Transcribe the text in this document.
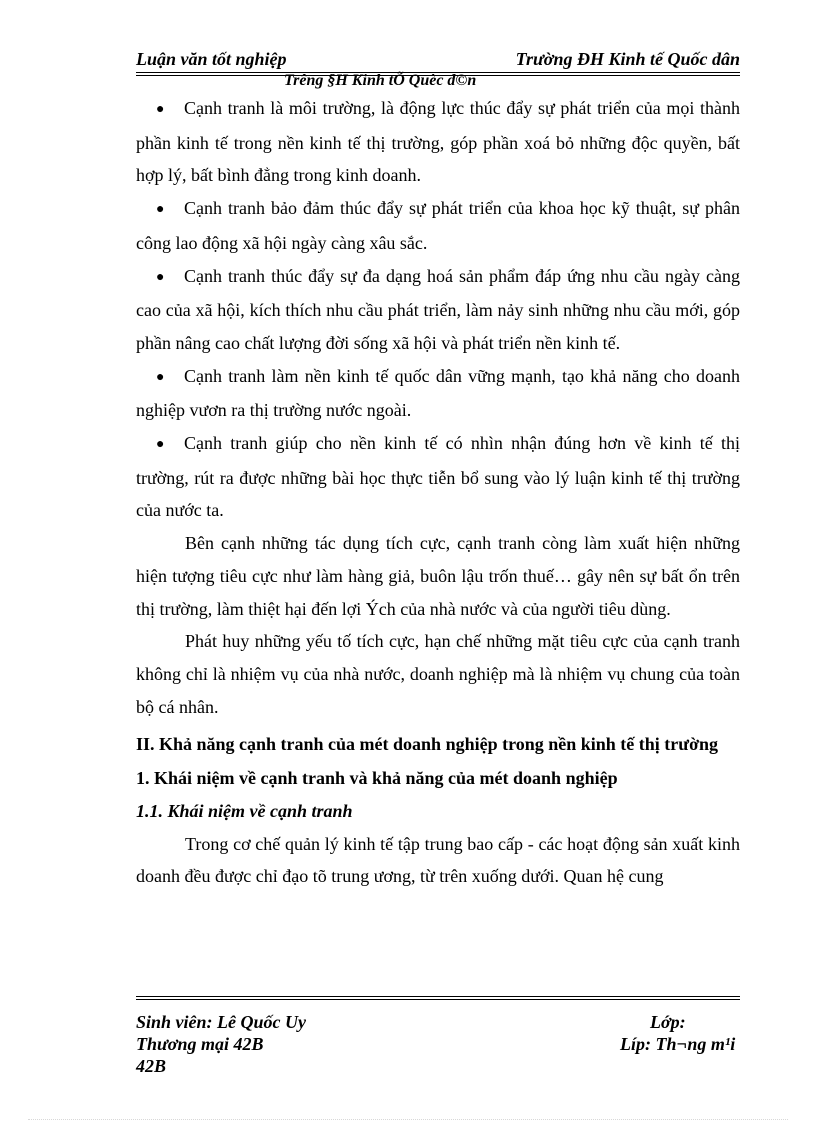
Luận văn tốt nghiệp	Trường ĐH Kinh tế Quốc dân
Trêng §H Kinh tÕ Quèc d©n

● Cạnh tranh là môi trường, là động lực thúc đẩy sự phát triển của mọi thành phần kinh tế trong nền kinh tế thị trường, góp phần xoá bỏ những độc quyền, bất hợp lý, bất bình đẳng trong kinh doanh.

● Cạnh tranh bảo đảm thúc đẩy sự phát triển của khoa học kỹ thuật, sự phân công lao động xã hội ngày càng xâu sắc.

● Cạnh tranh thúc đẩy sự đa dạng hoá sản phẩm đáp ứng nhu cầu ngày càng cao của xã hội, kích thích nhu cầu phát triển, làm nảy sinh những nhu cầu mới, góp phần nâng cao chất lượng đời sống xã hội và phát triển nền kinh tế.

● Cạnh tranh làm nền kinh tế quốc dân vững mạnh, tạo khả năng cho doanh nghiệp vươn ra thị trường nước ngoài.

● Cạnh tranh giúp cho nền kinh tế có nhìn nhận đúng hơn về kinh tế thị trường, rút ra được những bài học thực tiễn bổ sung vào lý luận kinh tế thị trường của nước ta.

Bên cạnh những tác dụng tích cực, cạnh tranh còng làm xuất hiện những hiện tượng tiêu cực như làm hàng giả, buôn lậu trốn thuế… gây nên sự bất ổn trên thị trường, làm thiệt hại đến lợi Ých của nhà nước và của người tiêu dùng.

Phát huy những yếu tố tích cực, hạn chế những mặt tiêu cực của cạnh tranh không chỉ là nhiệm vụ của nhà nước, doanh nghiệp mà là nhiệm vụ chung của toàn bộ cá nhân.

II. Khả năng cạnh tranh của mét doanh nghiệp trong nền kinh tế thị trường

1. Khái niệm về cạnh tranh và khả năng của mét doanh nghiệp

1.1. Khái niệm về cạnh tranh

Trong cơ chế quản lý kinh tế tập trung bao cấp - các hoạt động sản xuất kinh doanh đều được chỉ đạo tõ trung ương, từ trên xuống dưới. Quan hệ cung

Sinh viên: Lê Quốc Uy	Lớp:
Thương mại 42B	Líp: Th¬ng m¹i
42B
